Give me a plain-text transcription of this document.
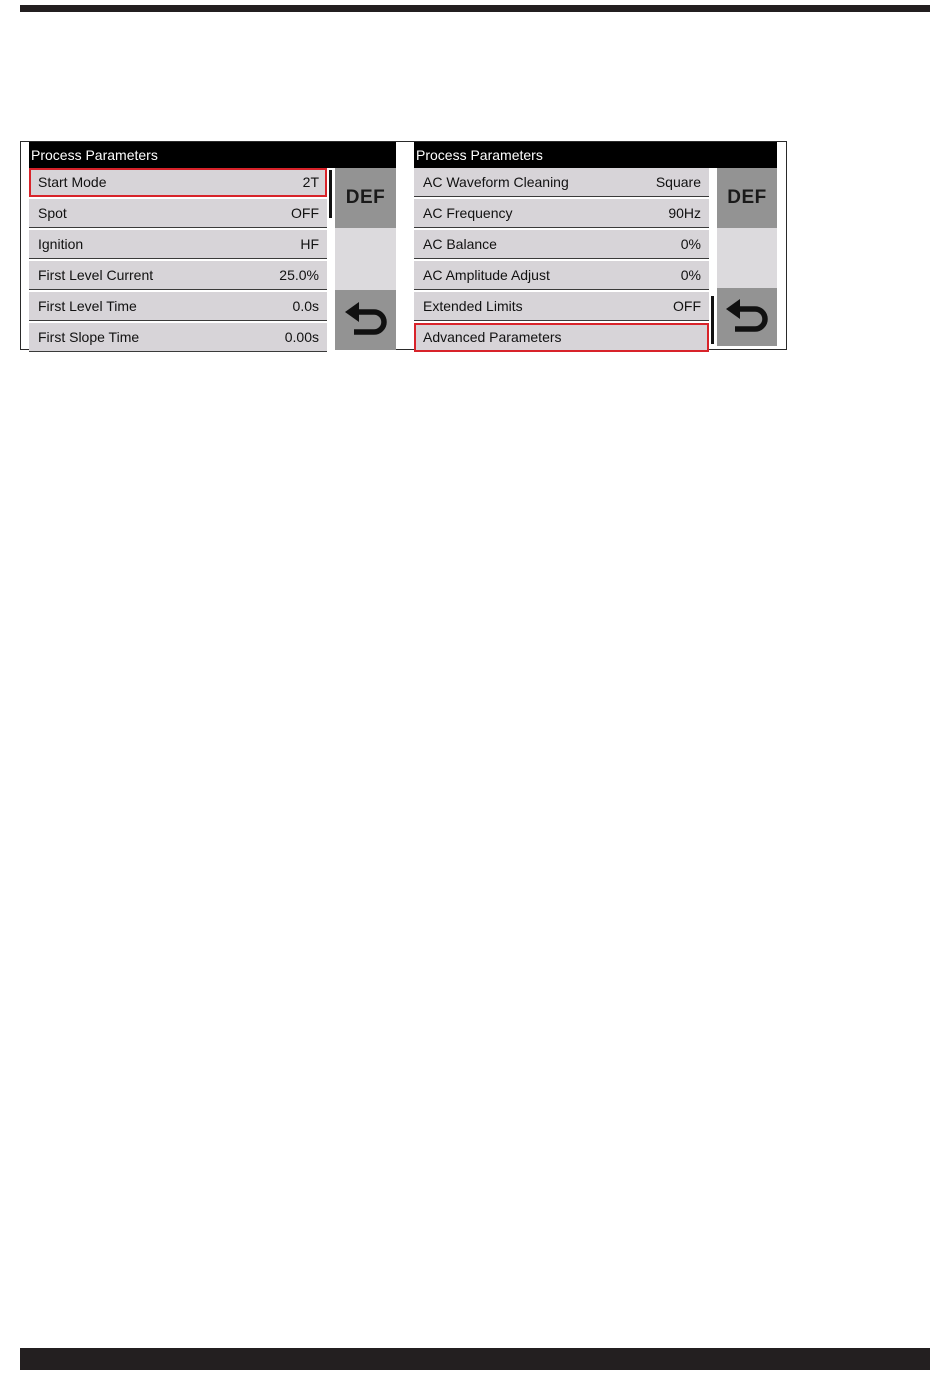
Process Parameters
Start Mode	2T
Spot	OFF
Ignition	HF
First Level Current	25.0%
First Level Time	0.0s
First Slope Time	0.00s
DEF
Process Parameters
AC Waveform Cleaning	Square
AC Frequency	90Hz
AC Balance	0%
AC Amplitude Adjust	0%
Extended Limits	OFF
Advanced Parameters
DEF
